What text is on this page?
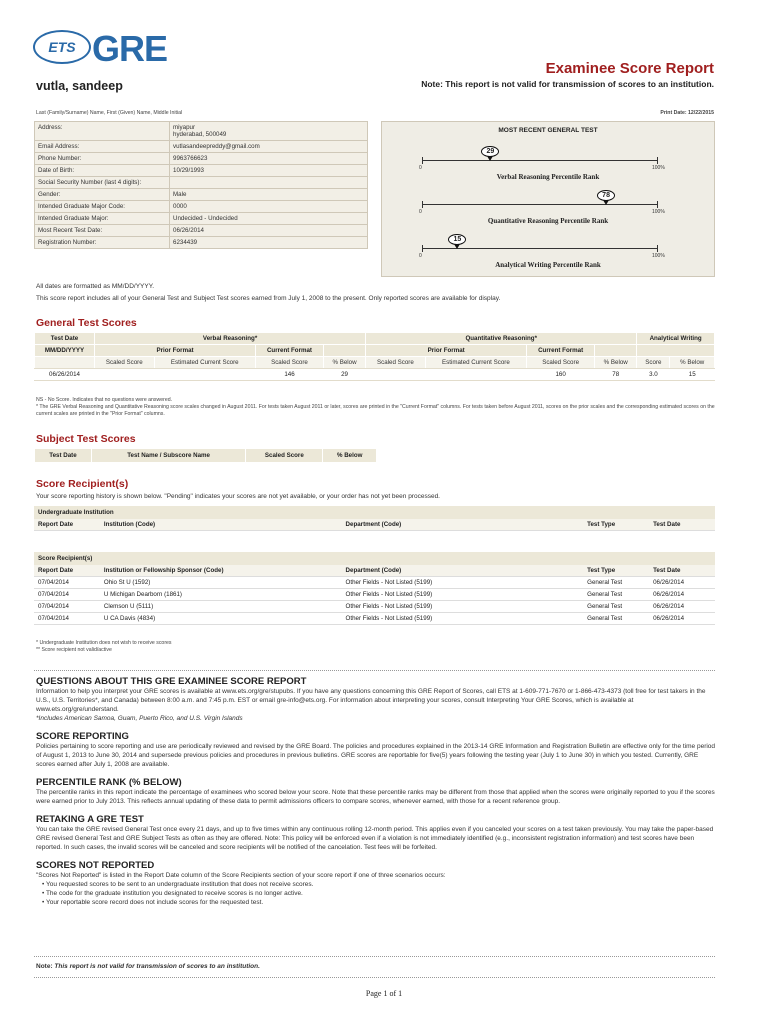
ETS GRE	Examinee Score Report
Note: This report is not valid for transmission of scores to an institution.
vutla, sandeep
Last (Family/Surname) Name, First (Given) Name, Middle Initial	Print Date: 12/22/2015
Address:	miyapur
hyderabad, 500049
Email Address:	vutlasandeepreddy@gmail.com
Phone Number:	9963766623
Date of Birth:	10/29/1993
Social Security Number (last 4 digits):
Gender:	Male
Intended Graduate Major Code:	0000
Intended Graduate Major:	Undecided - Undecided
Most Recent Test Date:	06/26/2014
Registration Number:	6234439
MOST RECENT GENERAL TEST
0	100%
29
Verbal Reasoning Percentile Rank
0	100%
78
Quantitative Reasoning Percentile Rank
0	100%
15
Analytical Writing Percentile Rank
All dates are formatted as MM/DD/YYYY.
This score report includes all of your General Test and Subject Test scores earned from July 1, 2008 to the present. Only reported scores are available for display.
General Test Scores
Test Date	Verbal Reasoning*				Quantitative Reasoning*				Analytical Writing	
MM/DD/YYYY	Prior Format		Current Format		Prior Format		Current Format			
	Scaled Score	Estimated Current Score	Scaled Score	% Below	Scaled Score	Estimated Current Score	Scaled Score	% Below	Score	% Below
06/26/2014			146	29			160	78	3.0	15
NS - No Score. Indicates that no questions were answered.
* The GRE Verbal Reasoning and Quantitative Reasoning score scales changed in August 2011. For tests taken August 2011 or later, scores are printed in the "Current Format" columns. For tests taken before August 2011, scores on the prior scales and the corresponding estimated scores on the current scales are printed in the "Prior Format" columns.
Subject Test Scores
Test Date	Test Name / Subscore Name	Scaled Score	% Below
Score Recipient(s)
Your score reporting history is shown below. "Pending" indicates your scores are not yet available, or your order has not yet been processed.
Undergraduate Institution
Report Date	Institution (Code)	Department (Code)	Test Type	Test Date
Score Recipient(s)
Report Date	Institution or Fellowship Sponsor (Code)	Department (Code)	Test Type	Test Date
07/04/2014	Ohio St U (1592)	Other Fields - Not Listed (5199)	General Test	06/26/2014
07/04/2014	U Michigan Dearborn (1861)	Other Fields - Not Listed (5199)	General Test	06/26/2014
07/04/2014	Clemson U (5111)	Other Fields - Not Listed (5199)	General Test	06/26/2014
07/04/2014	U CA Davis (4834)	Other Fields - Not Listed (5199)	General Test	06/26/2014
* Undergraduate Institution does not wish to receive scores
** Score recipient not valid/active
QUESTIONS ABOUT THIS GRE EXAMINEE SCORE REPORT
Information to help you interpret your GRE scores is available at www.ets.org/gre/stupubs. If you have any questions concerning this GRE Report of Scores, call ETS at 1-609-771-7670 or 1-866-473-4373 (toll free for test takers in the U.S., U.S. Territories*, and Canada) between 8:00 a.m. and 7:45 p.m. EST or email gre-info@ets.org. For information about interpreting your scores, consult Interpreting Your GRE Scores, which is available at www.ets.org/gre/understand.
*Includes American Samoa, Guam, Puerto Rico, and U.S. Virgin Islands
SCORE REPORTING
Policies pertaining to score reporting and use are periodically reviewed and revised by the GRE Board. The policies and procedures explained in the 2013-14 GRE Information and Registration Bulletin are effective only for the time period of August 1, 2013 to June 30, 2014 and supersede previous policies and procedures in previous bulletins. GRE scores are reportable for five(5) years following the testing year (July 1 to June 30) in which you tested. Currently, GRE scores earned after July 1, 2008 are available.
PERCENTILE RANK (% BELOW)
The percentile ranks in this report indicate the percentage of examinees who scored below your score. Note that these percentile ranks may be different from those that applied when the scores were originally reported to you if the scores were earned prior to July 2013. This reflects annual updating of these data to permit admissions officers to compare scores, whenever earned, with those for a recent reference group.
RETAKING A GRE TEST
You can take the GRE revised General Test once every 21 days, and up to five times within any continuous rolling 12-month period. This applies even if you canceled your scores on a test taken previously. You may take the paper-based GRE revised General Test and GRE Subject Tests as often as they are offered. Note: This policy will be enforced even if a violation is not immediately identified (e.g., inconsistent registration information) and test scores have been reported. In such cases, the invalid scores will be canceled and score recipients will be notified of the cancelation. Test fees will be forfeited.
SCORES NOT REPORTED
"Scores Not Reported" is listed in the Report Date column of the Score Recipients section of your score report if one of three scenarios occurs:
• You requested scores to be sent to an undergraduate institution that does not receive scores.
• The code for the graduate institution you designated to receive scores is no longer active.
• Your reportable score record does not include scores for the requested test.
Note: This report is not valid for transmission of scores to an institution.
Page 1 of 1
